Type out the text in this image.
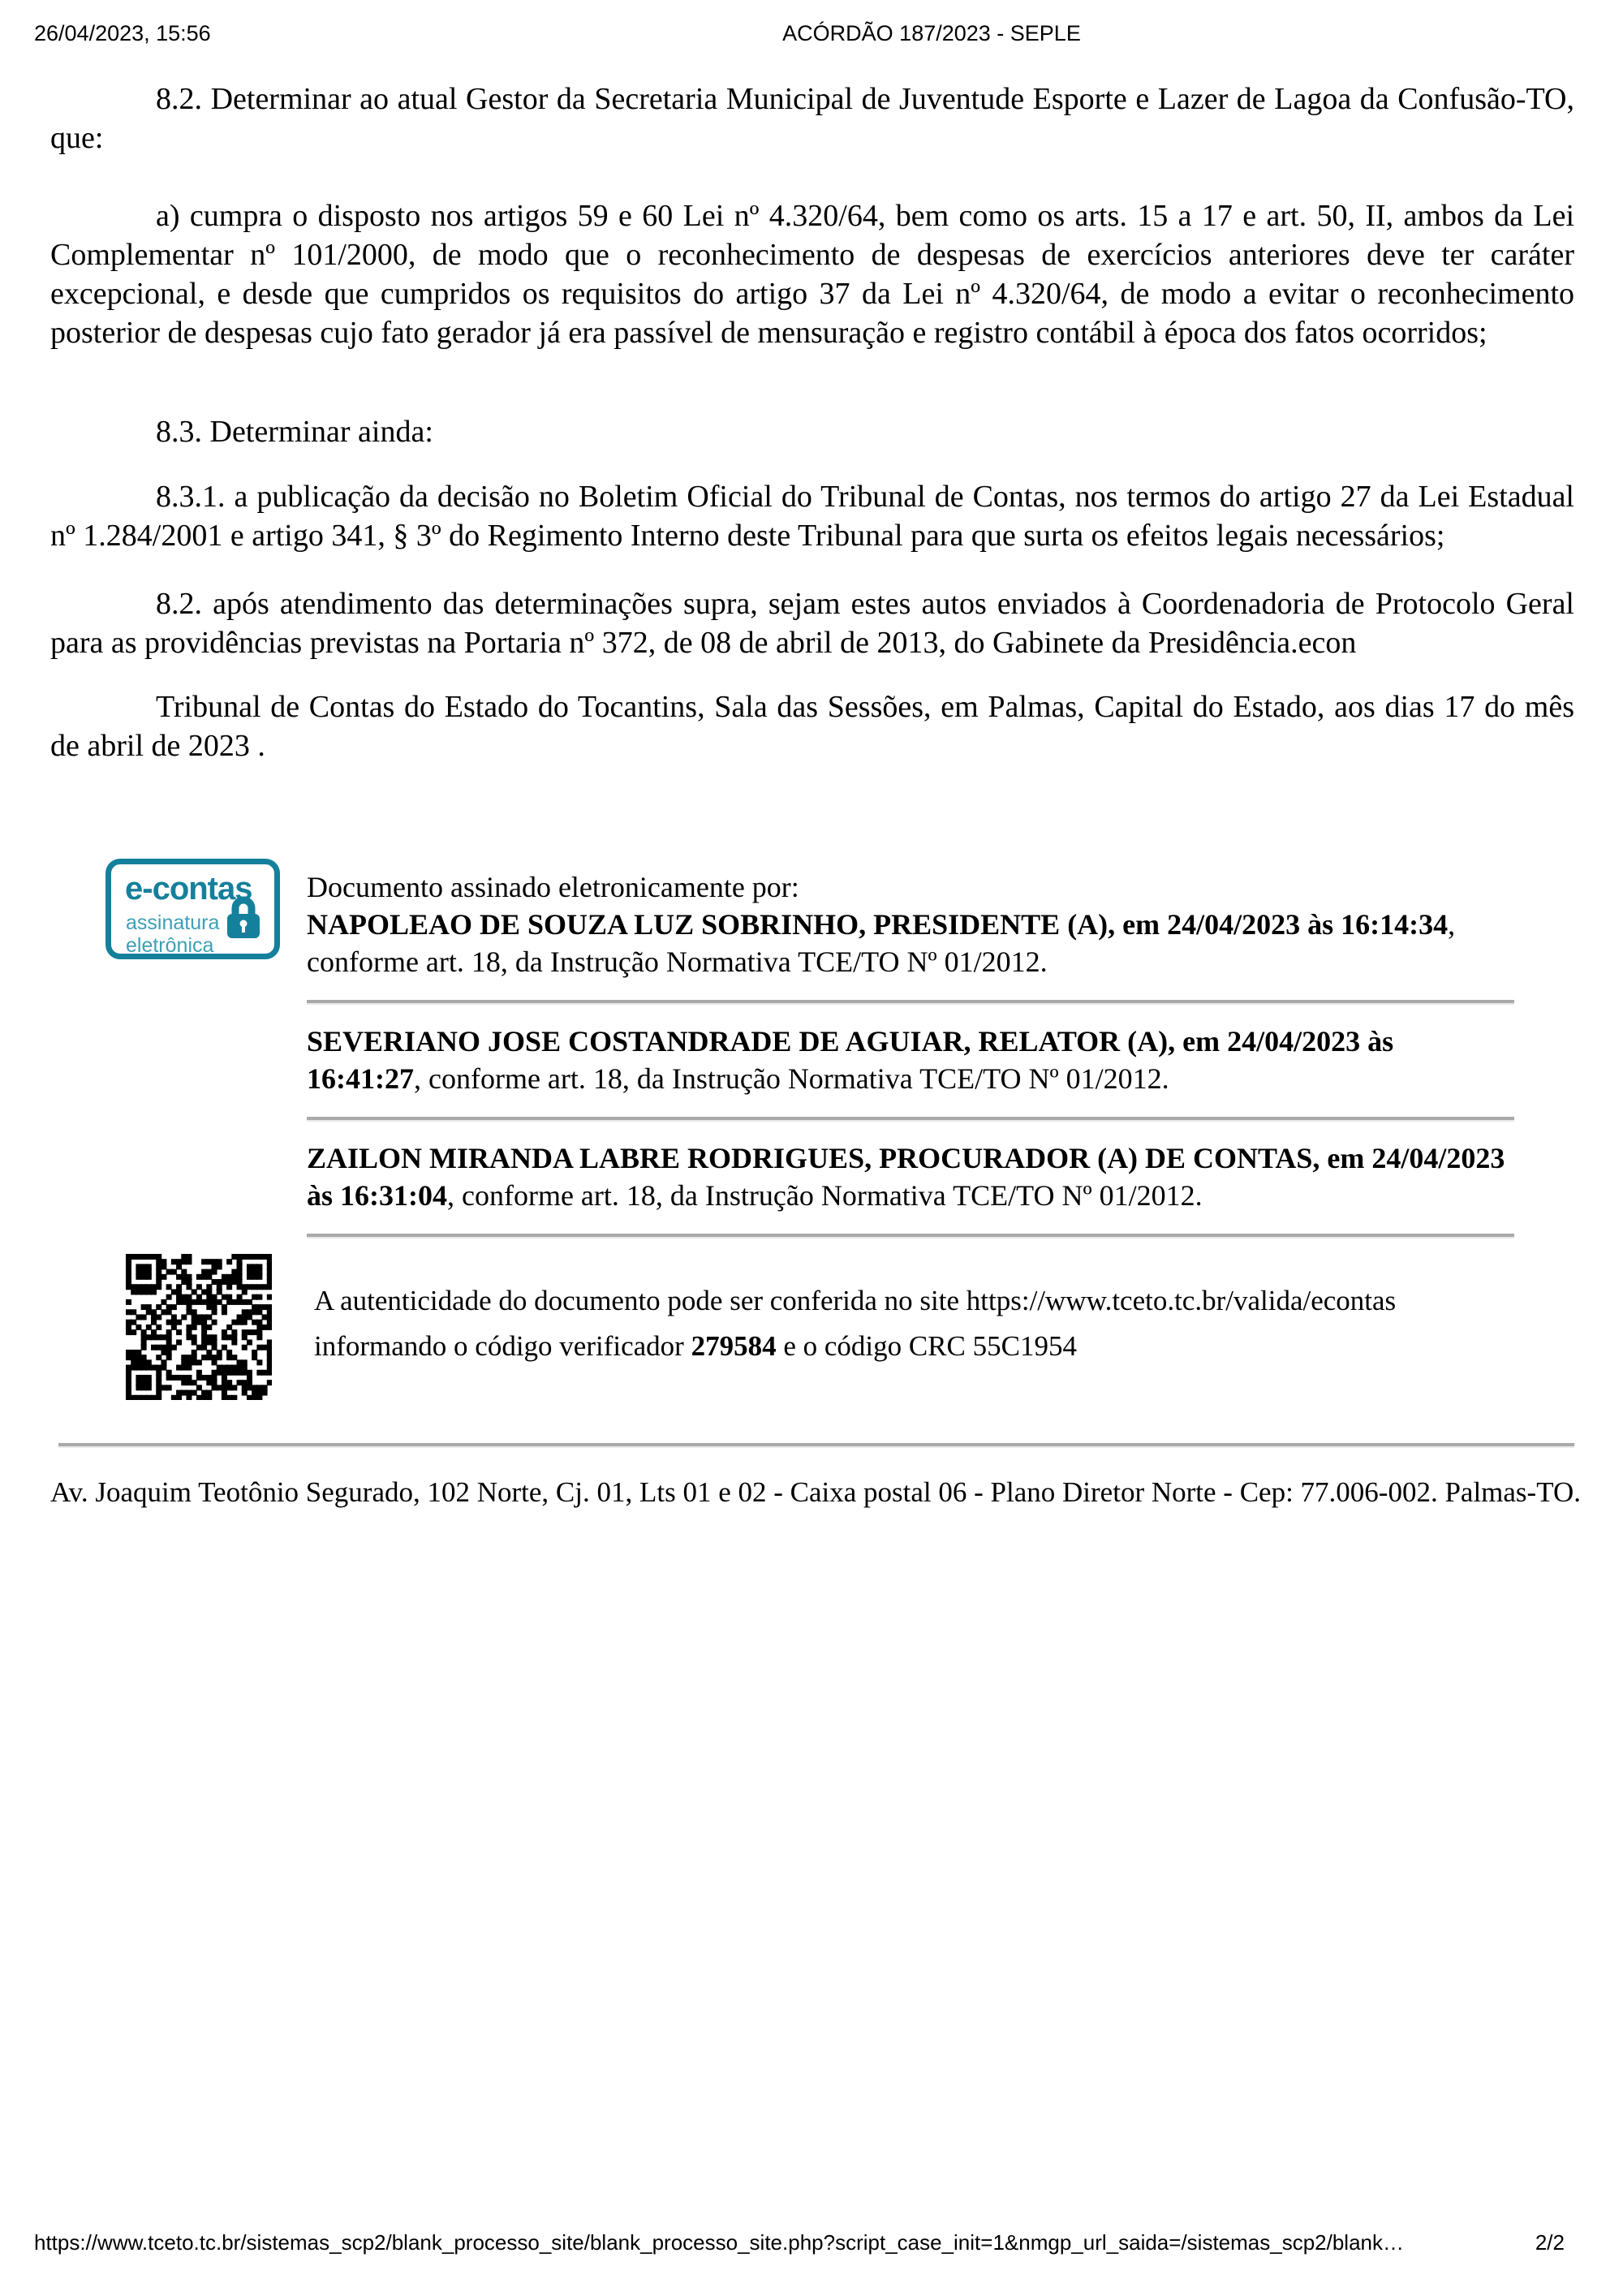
26/04/2023, 15:56	ACÓRDÃO 187/2023 - SEPLE

8.2. Determinar ao atual Gestor da Secretaria Municipal de Juventude Esporte e Lazer de Lagoa da Confusão-TO, que:

a) cumpra o disposto nos artigos 59 e 60 Lei nº 4.320/64, bem como os arts. 15 a 17 e art. 50, II, ambos da Lei Complementar nº 101/2000, de modo que o reconhecimento de despesas de exercícios anteriores deve ter caráter excepcional, e desde que cumpridos os requisitos do artigo 37 da Lei nº 4.320/64, de modo a evitar o reconhecimento posterior de despesas cujo fato gerador já era passível de mensuração e registro contábil à época dos fatos ocorridos;

8.3. Determinar ainda:

8.3.1. a publicação da decisão no Boletim Oficial do Tribunal de Contas, nos termos do artigo 27 da Lei Estadual nº 1.284/2001 e artigo 341, § 3º do Regimento Interno deste Tribunal para que surta os efeitos legais necessários;

8.2. após atendimento das determinações supra, sejam estes autos enviados à Coordenadoria de Protocolo Geral para as providências previstas na Portaria nº 372, de 08 de abril de 2013, do Gabinete da Presidência.econ

Tribunal de Contas do Estado do Tocantins, Sala das Sessões, em Palmas, Capital do Estado, aos dias 17 do mês de abril de 2023 .

e-contas
assinatura
eletrônica

Documento assinado eletronicamente por:

NAPOLEAO DE SOUZA LUZ SOBRINHO, PRESIDENTE (A), em 24/04/2023 às 16:14:34, conforme art. 18, da Instrução Normativa TCE/TO Nº 01/2012.

SEVERIANO JOSE COSTANDRADE DE AGUIAR, RELATOR (A), em 24/04/2023 às 16:41:27, conforme art. 18, da Instrução Normativa TCE/TO Nº 01/2012.

ZAILON MIRANDA LABRE RODRIGUES, PROCURADOR (A) DE CONTAS, em 24/04/2023 às 16:31:04, conforme art. 18, da Instrução Normativa TCE/TO Nº 01/2012.

A autenticidade do documento pode ser conferida no site https://www.tceto.tc.br/valida/econtas informando o código verificador 279584 e o código CRC 55C1954

Av. Joaquim Teotônio Segurado, 102 Norte, Cj. 01, Lts 01 e 02 - Caixa postal 06 - Plano Diretor Norte - Cep: 77.006-002. Palmas-TO.
https://www.tceto.tc.br/sistemas_scp2/blank_processo_site/blank_processo_site.php?script_case_init=1&nmgp_url_saida=/sistemas_scp2/blank…	2/2
